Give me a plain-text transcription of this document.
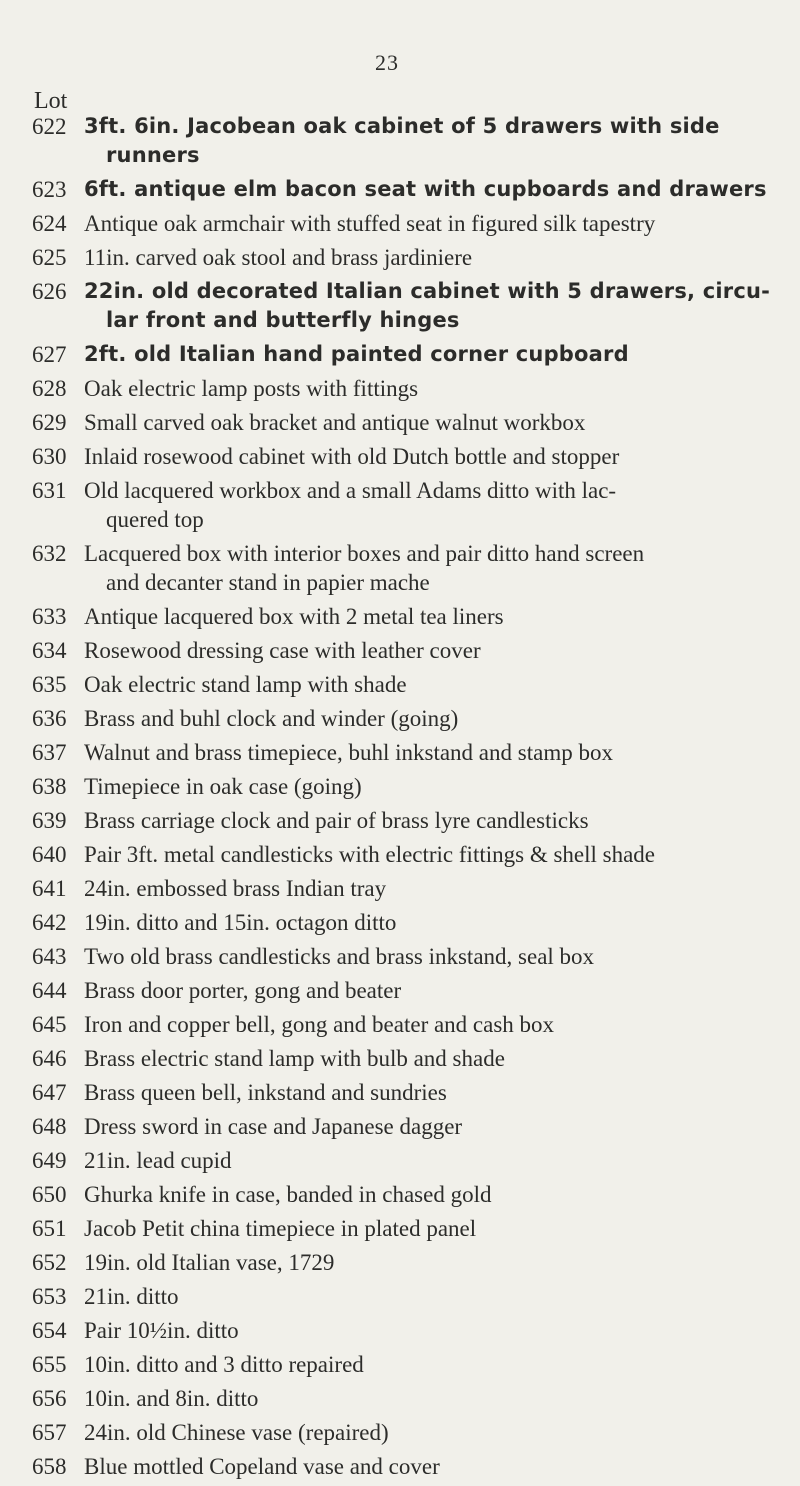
23
Lot
622 3ft. 6in. Jacobean oak cabinet of 5 drawers with side
runners
623 6ft. antique elm bacon seat with cupboards and drawers
624 Antique oak armchair with stuffed seat in figured silk tapestry
625 11in. carved oak stool and brass jardiniere
626 22in. old decorated Italian cabinet with 5 drawers, circu-
lar front and butterfly hinges
627 2ft. old Italian hand painted corner cupboard
628 Oak electric lamp posts with fittings
629 Small carved oak bracket and antique walnut workbox
630 Inlaid rosewood cabinet with old Dutch bottle and stopper
631 Old lacquered workbox and a small Adams ditto with lac-
quered top
632 Lacquered box with interior boxes and pair ditto hand screen
and decanter stand in papier mache
633 Antique lacquered box with 2 metal tea liners
634 Rosewood dressing case with leather cover
635 Oak electric stand lamp with shade
636 Brass and buhl clock and winder (going)
637 Walnut and brass timepiece, buhl inkstand and stamp box
638 Timepiece in oak case (going)
639 Brass carriage clock and pair of brass lyre candlesticks
640 Pair 3ft. metal candlesticks with electric fittings & shell shade
641 24in. embossed brass Indian tray
642 19in. ditto and 15in. octagon ditto
643 Two old brass candlesticks and brass inkstand, seal box
644 Brass door porter, gong and beater
645 Iron and copper bell, gong and beater and cash box
646 Brass electric stand lamp with bulb and shade
647 Brass queen bell, inkstand and sundries
648 Dress sword in case and Japanese dagger
649 21in. lead cupid
650 Ghurka knife in case, banded in chased gold
651 Jacob Petit china timepiece in plated panel
652 19in. old Italian vase, 1729
653 21in. ditto
654 Pair 10½in. ditto
655 10in. ditto and 3 ditto repaired
656 10in. and 8in. ditto
657 24in. old Chinese vase (repaired)
658 Blue mottled Copeland vase and cover
